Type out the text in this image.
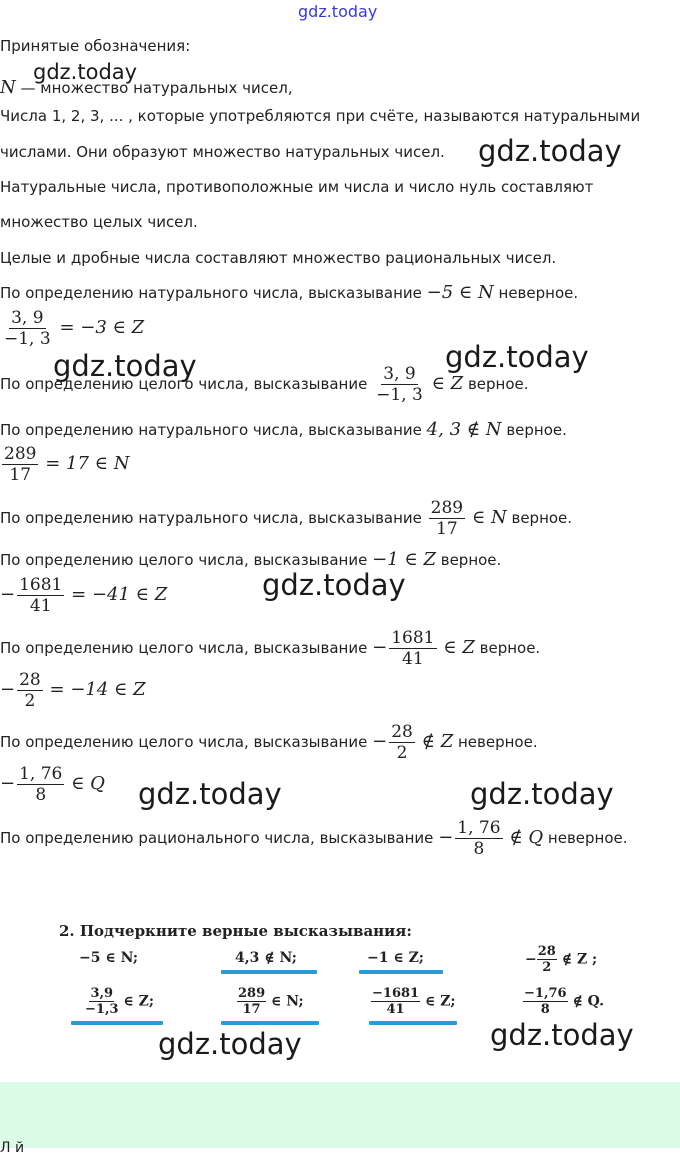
gdz.today
Принятые обозначения:
N — множество натуральных чисел,
Числа 1, 2, 3, ... , которые употребляются при счёте, называются натуральными
числами. Они образуют множество натуральных чисел.
Натуральные числа, противоположные им числа и число нуль составляют
множество целых чисел.
Целые и дробные числа составляют множество рациональных чисел.
По определению натурального числа, высказывание −5 ∈ N неверное.
$\frac{3, 9}{-1, 3} = -3$ ∈ Z
По определению целого числа, высказывание $\frac{3, 9}{-1, 3}$ ∈ Z верное.
По определению натурального числа, высказывание 4, 3 ∉ N верное.
$\frac{289}{17} = 17$ ∈ N
По определению натурального числа, высказывание $\frac{289}{17}$ ∈ N верное.
По определению целого числа, высказывание −1 ∈ Z верное.
− $\frac{1681}{41} = -41$ ∈ Z
По определению целого числа, высказывание − $\frac{1681}{41}$ ∈ Z верное.
− $\frac{28}{2} = -14$ ∈ Z
По определению целого числа, высказывание − $\frac{28}{2}$ ∉ Z неверное.
− $\frac{1, 76}{8}$ ∈ Q
По определению рационального числа, высказывание − $\frac{1, 76}{8}$ ∉ Q неверное.
gdz.today
gdz.today
gdz.today	gdz.today
gdz.today
gdz.today	gdz.today
2. Подчеркните верные высказывания:
−5 ∈ N;	4,3 ∉ N;	−1 ∈ Z;	− $\frac{28}{2}$ ∉ Z ;
$\frac{3,9}{-1,3}$ ∈ Z;	$\frac{289}{17}$ ∈ N;	$\frac{-1681}{41}$ ∈ Z;	$\frac{-1,76}{8}$ ∉ Q.
gdz.today	gdz.today
Л й
